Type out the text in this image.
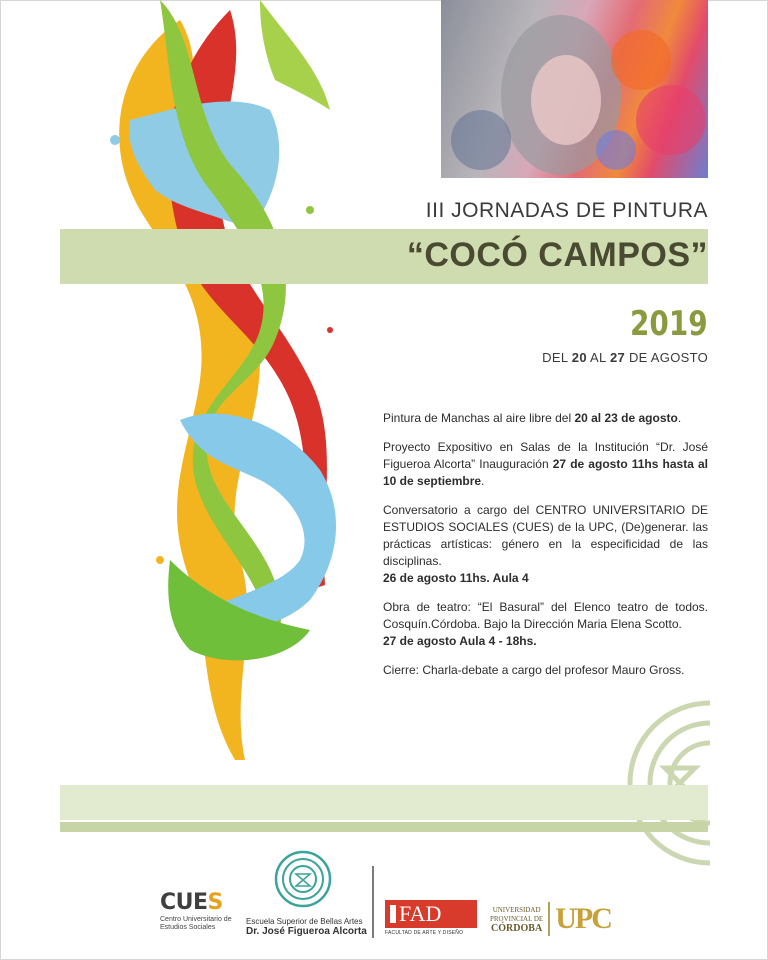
III JORNADAS DE PINTURA
“COCÓ CAMPOS”
2019
DEL 20 AL 27 DE AGOSTO

Pintura de Manchas al aire libre del 20 al 23 de agosto.

Proyecto Expositivo en Salas de la Institución “Dr. José Figueroa Alcorta” Inauguración 27 de agosto 11hs hasta al 10 de septiembre.

Conversatorio a cargo del CENTRO UNIVERSITARIO DE ESTUDIOS SOCIALES (CUES) de la UPC, (De)generar. las prácticas artísticas: género en la especificidad de las disciplinas.
26 de agosto 11hs. Aula 4

Obra de teatro: “El Basural” del Elenco teatro de todos. Cosquín.Córdoba. Bajo la Dirección Maria Elena Scotto.
27 de agosto Aula 4 - 18hs.

Cierre: Charla-debate a cargo del profesor Mauro Gross.

CUES
Centro Universitario de Estudios Sociales
Escuela Superior de Bellas Artes
Dr. José Figueroa Alcorta
FAD
FACULTAD DE ARTE Y DISEÑO
UNIVERSIDAD
PROVINCIAL DE
CÓRDOBA UPC
